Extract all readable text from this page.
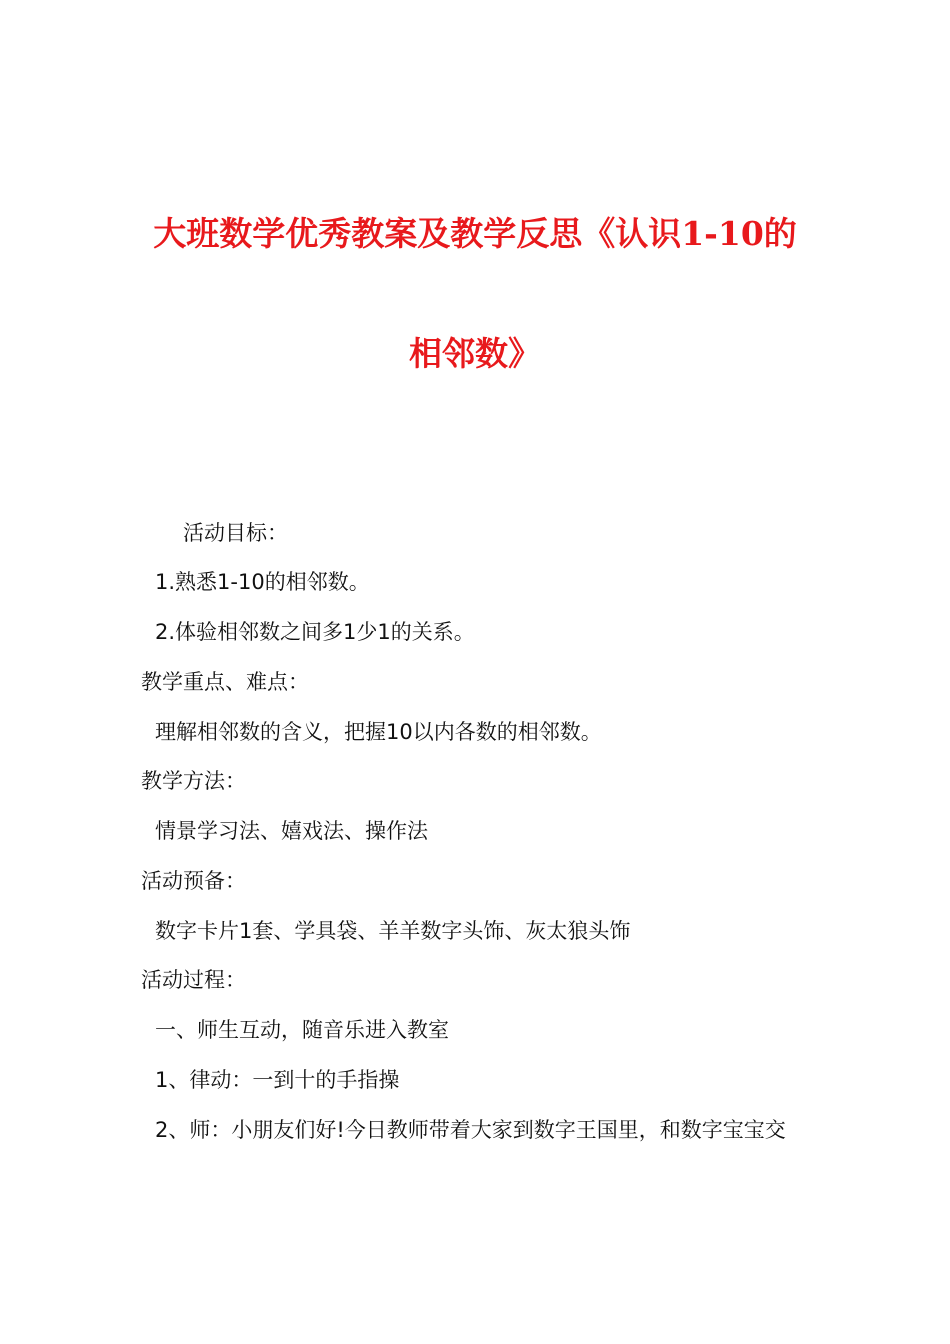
大班数学优秀教案及教学反思《认识1-10的
相邻数》
活动目标：
1.熟悉1-10的相邻数。
2.体验相邻数之间多1少1的关系。
教学重点、难点：
理解相邻数的含义，把握10以内各数的相邻数。
教学方法：
情景学习法、嬉戏法、操作法
活动预备：
数字卡片1套、学具袋、羊羊数字头饰、灰太狼头饰
活动过程：
一、师生互动，随音乐进入教室
1、律动：一到十的手指操
2、师：小朋友们好!今日教师带着大家到数字王国里，和数字宝宝交
